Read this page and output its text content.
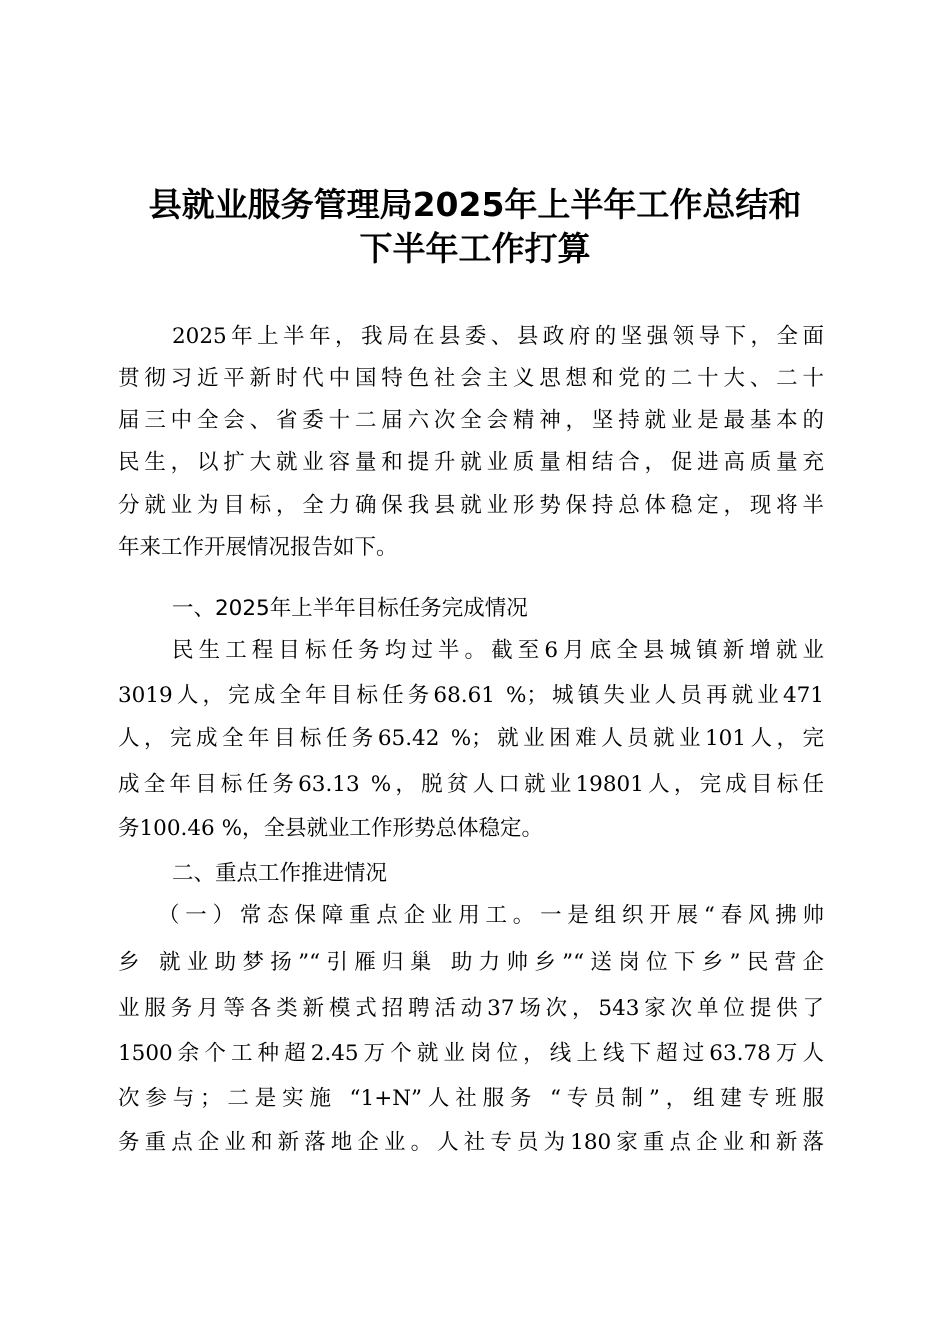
县就业服务管理局2025年上半年工作总结和
下半年工作打算
2025年上半年，我局在县委、县政府的坚强领导下，全面
贯彻习近平新时代中国特色社会主义思想和党的二十大、二十
届三中全会、省委十二届六次全会精神，坚持就业是最基本的
民生，以扩大就业容量和提升就业质量相结合，促进高质量充
分就业为目标，全力确保我县就业形势保持总体稳定，现将半
年来工作开展情况报告如下。
一、2025年上半年目标任务完成情况
民生工程目标任务均过半。截至6月底全县城镇新增就业
3019人，完成全年目标任务68.61 %；城镇失业人员再就业471
人，完成全年目标任务65.42 %；就业困难人员就业101人，完
成全年目标任务63.13 %，脱贫人口就业19801人，完成目标任
务100.46 %，全县就业工作形势总体稳定。
二、重点工作推进情况
（一）常态保障重点企业用工。一是组织开展“春风拂帅
乡 就业助梦扬”“引雁归巢 助力帅乡”“送岗位下乡”民营企
业服务月等各类新模式招聘活动37场次，543家次单位提供了
1500余个工种超2.45万个就业岗位，线上线下超过63.78万人
次参与；二是实施 “1+N”人社服务 “专员制”，组建专班服
务重点企业和新落地企业。人社专员为180家重点企业和新落
